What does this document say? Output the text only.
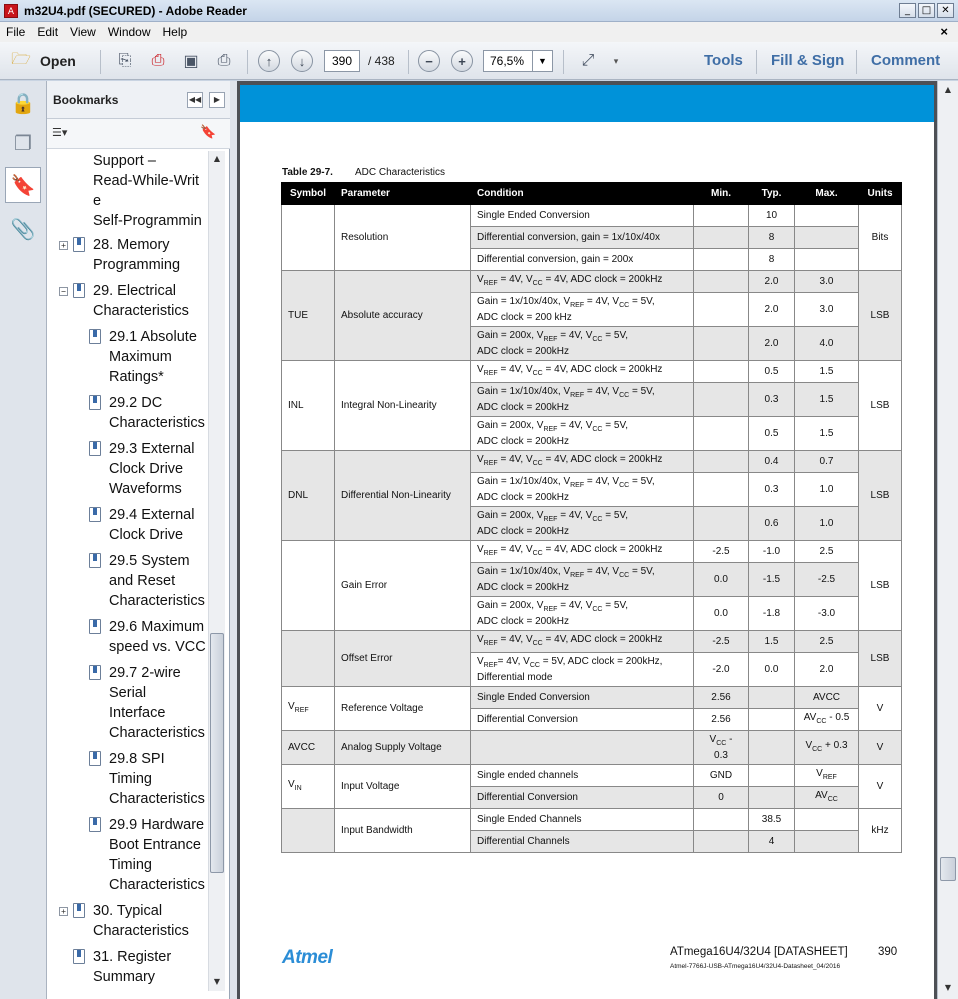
A m32U4.pdf (SECURED) - Adobe Reader	_	□	✕
File	Edit	View	Window	Help	×
🗁 Open	⎘	⎙	▣	⎙	↑	↓	390	/ 438	−	+	76,5%	▼	⤢	▾	Tools Fill & Sign Comment
🔒
❐
🔖
📎
Bookmarks	◀◀	▶
☰▾	🔖
Support –
Read-While-Writ
e
Self-Programmin
+ 28. Memory
Programming
− 29. Electrical
Characteristics
29.1 Absolute
Maximum
Ratings*
29.2 DC
Characteristics
29.3 External
Clock Drive
Waveforms
29.4 External
Clock Drive
29.5 System
and Reset
Characteristics
29.6 Maximum
speed vs. VCC
29.7 2-wire
Serial
Interface
Characteristics
29.8 SPI
Timing
Characteristics
29.9 Hardware
Boot Entrance
Timing
Characteristics
+ 30. Typical
Characteristics
31. Register
Summary
▲
▼
Table 29-7. ADC Characteristics
Symbol	Parameter	Condition	Min.	Typ.	Max.	Units
	Resolution	Single Ended Conversion		10		Bits
		Differential conversion, gain = 1x/10x/40x		8		
		Differential conversion, gain = 200x		8		
TUE	Absolute accuracy	$V_{REF} = 4V$, $V_{CC} = 4V$, ADC clock = 200kHz		2.0	3.0	LSB
		Gain = 1x/10x/40x, $V_{REF} = 4V$, $V_{CC} = 5V$,
ADC clock = 200 kHz		2.0	3.0	
		Gain = 200x, $V_{REF} = 4V$, $V_{CC} = 5V$,
ADC clock = 200kHz		2.0	4.0	
INL	Integral Non-Linearity	$V_{REF} = 4V$, $V_{CC} = 4V$, ADC clock = 200kHz		0.5	1.5	LSB
		Gain = 1x/10x/40x, $V_{REF} = 4V$, $V_{CC} = 5V$,
ADC clock = 200kHz		0.3	1.5	
		Gain = 200x, $V_{REF} = 4V$, $V_{CC} = 5V$,
ADC clock = 200kHz		0.5	1.5	
DNL	Differential Non-Linearity	$V_{REF} = 4V$, $V_{CC} = 4V$, ADC clock = 200kHz		0.4	0.7	LSB
		Gain = 1x/10x/40x, $V_{REF} = 4V$, $V_{CC} = 5V$,
ADC clock = 200kHz		0.3	1.0	
		Gain = 200x, $V_{REF} = 4V$, $V_{CC} = 5V$,
ADC clock = 200kHz		0.6	1.0	
	Gain Error	$V_{REF} = 4V$, $V_{CC} = 4V$, ADC clock = 200kHz	-2.5	-1.0	2.5	LSB
		Gain = 1x/10x/40x, $V_{REF} = 4V$, $V_{CC} = 5V$,
ADC clock = 200kHz	0.0	-1.5	-2.5	
		Gain = 200x, $V_{REF} = 4V$, $V_{CC} = 5V$,
ADC clock = 200kHz	0.0	-1.8	-3.0	
	Offset Error	$V_{REF} = 4V$, $V_{CC} = 4V$, ADC clock = 200kHz	-2.5	1.5	2.5	LSB
		$V_{REF}= 4V$, $V_{CC} = 5V$, ADC clock = 200kHz,
Differential mode	-2.0	0.0	2.0	
$V_{REF}$	Reference Voltage	Single Ended Conversion	2.56		AVCC	V
		Differential Conversion	2.56		$AV_{CC} - 0.5$	
AVCC	Analog Supply Voltage		$V_{CC}$ -
0.3		$V_{CC} + 0.3$	V
$V_{IN}$	Input Voltage	Single ended channels	GND		$V_{REF}$	V
		Differential Conversion	0		$AV_{CC}$
	Input Bandwidth	Single Ended Channels		38.5		kHz
		Differential Channels		4		
Atmel	ATmega16U4/32U4 [DATASHEET]	390
Atmel-7766J-USB-ATmega16U4/32U4-Datasheet_04/2016
▲
▼
